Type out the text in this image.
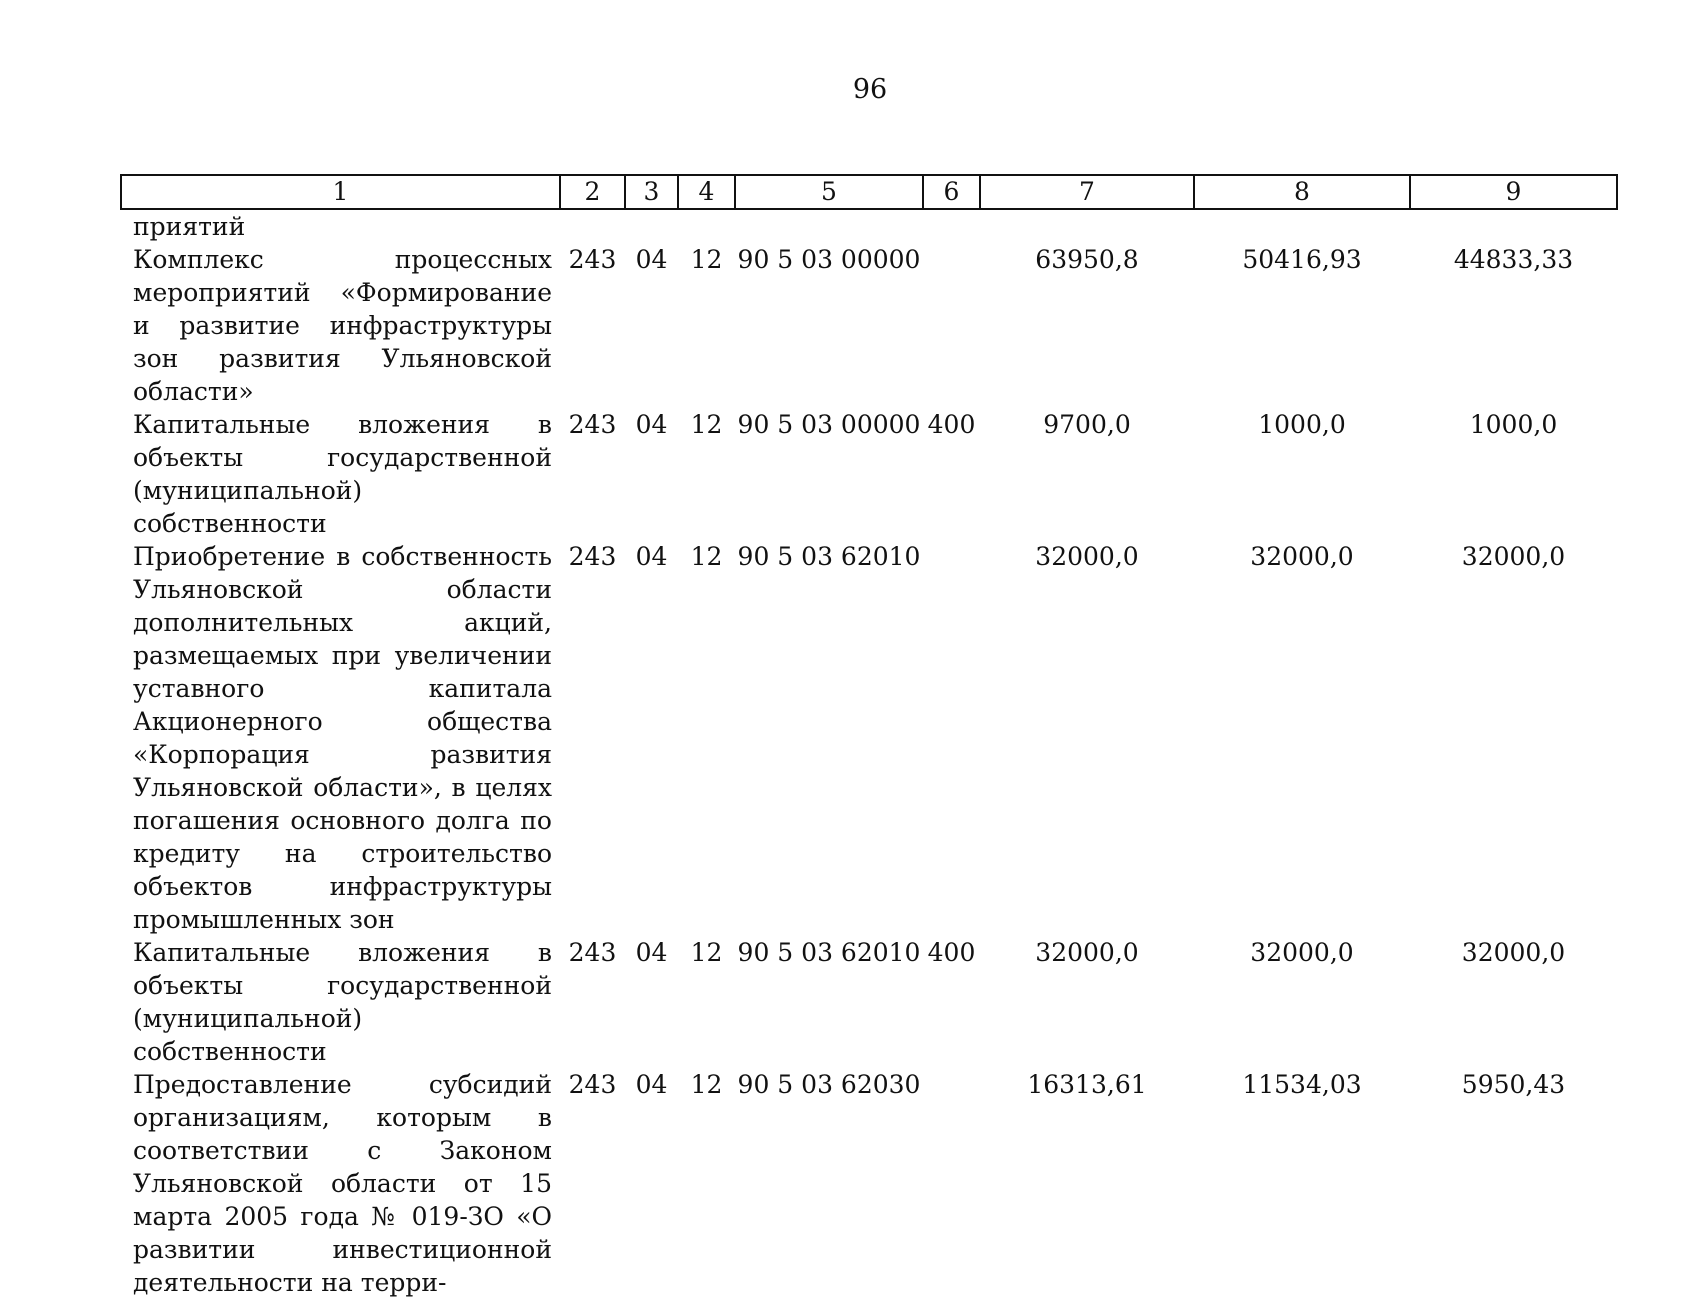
96
1	2	3	4	5	6	7	8	9
приятий								
Комплекс процессных мероприятий «Формирование и развитие инфраструктуры зон развития Ульяновской области»	243	04	12	90 5 03 00000		63950,8	50416,93	44833,33
Капитальные вложения в объекты государственной (муниципальной) собственности	243	04	12	90 5 03 00000	400	9700,0	1000,0	1000,0
Приобретение в собственность Ульяновской области дополнительных акций, размещаемых при увеличении уставного капитала Акционерного общества «Корпорация развития Ульяновской области», в целях погашения основного долга по кредиту на строительство объектов инфраструктуры промышленных зон	243	04	12	90 5 03 62010		32000,0	32000,0	32000,0
Капитальные вложения в объекты государственной (муниципальной) собственности	243	04	12	90 5 03 62010	400	32000,0	32000,0	32000,0
Предоставление субсидий организациям, которым в соответствии с Законом Ульяновской области от 15 марта 2005 года № 019-ЗО «О развитии инвестиционной деятельности на терри-	243	04	12	90 5 03 62030		16313,61	11534,03	5950,43
